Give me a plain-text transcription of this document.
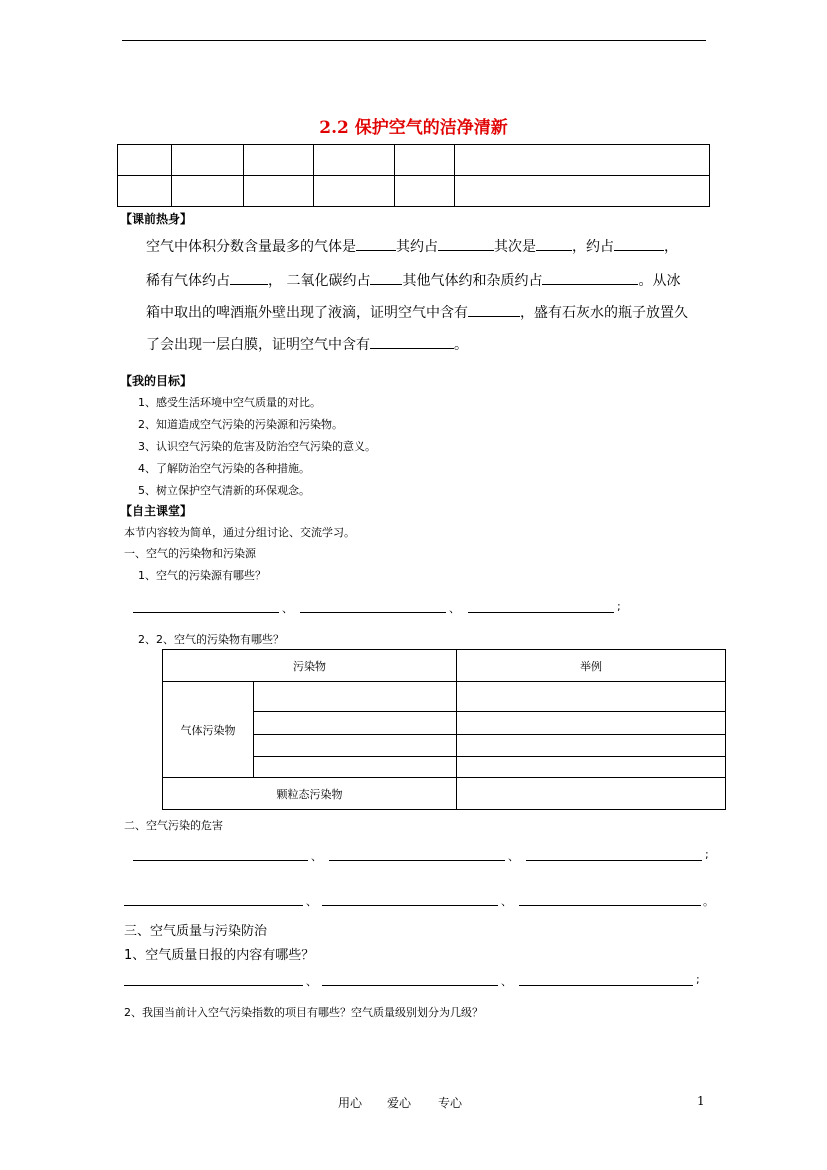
2.2 保护空气的洁净清新

【课前热身】
空气中体积分数含量最多的气体是	其约占	其次是	，约占	，
稀有气体约占	， 二氧化碳约占 其他气体约和杂质约占	。从冰
箱中取出的啤酒瓶外壁出现了液滴，证明空气中含有	，盛有石灰水的瓶子放置久
了会出现一层白膜，证明空气中含有	。
【我的目标】
1、感受生活环境中空气质量的对比。
2、知道造成空气污染的污染源和污染物。
3、认识空气污染的危害及防治空气污染的意义。
4、了解防治空气污染的各种措施。
5、树立保护空气清新的环保观念。
【自主课堂】
本节内容较为简单，通过分组讨论、交流学习。
一、空气的污染物和污染源
1、空气的污染源有哪些？
、	、	;
2、2、空气的污染物有哪些？
污染物		举例
气体污染物		

颗粒态污染物		
二、空气污染的危害
、	、	;
、	、	。
三、空气质量与污染防治
1、空气质量日报的内容有哪些？
、	、	;
2、我国当前计入空气污染指数的项目有哪些？空气质量级别划分为几级？
用心 爱心 专心	1
